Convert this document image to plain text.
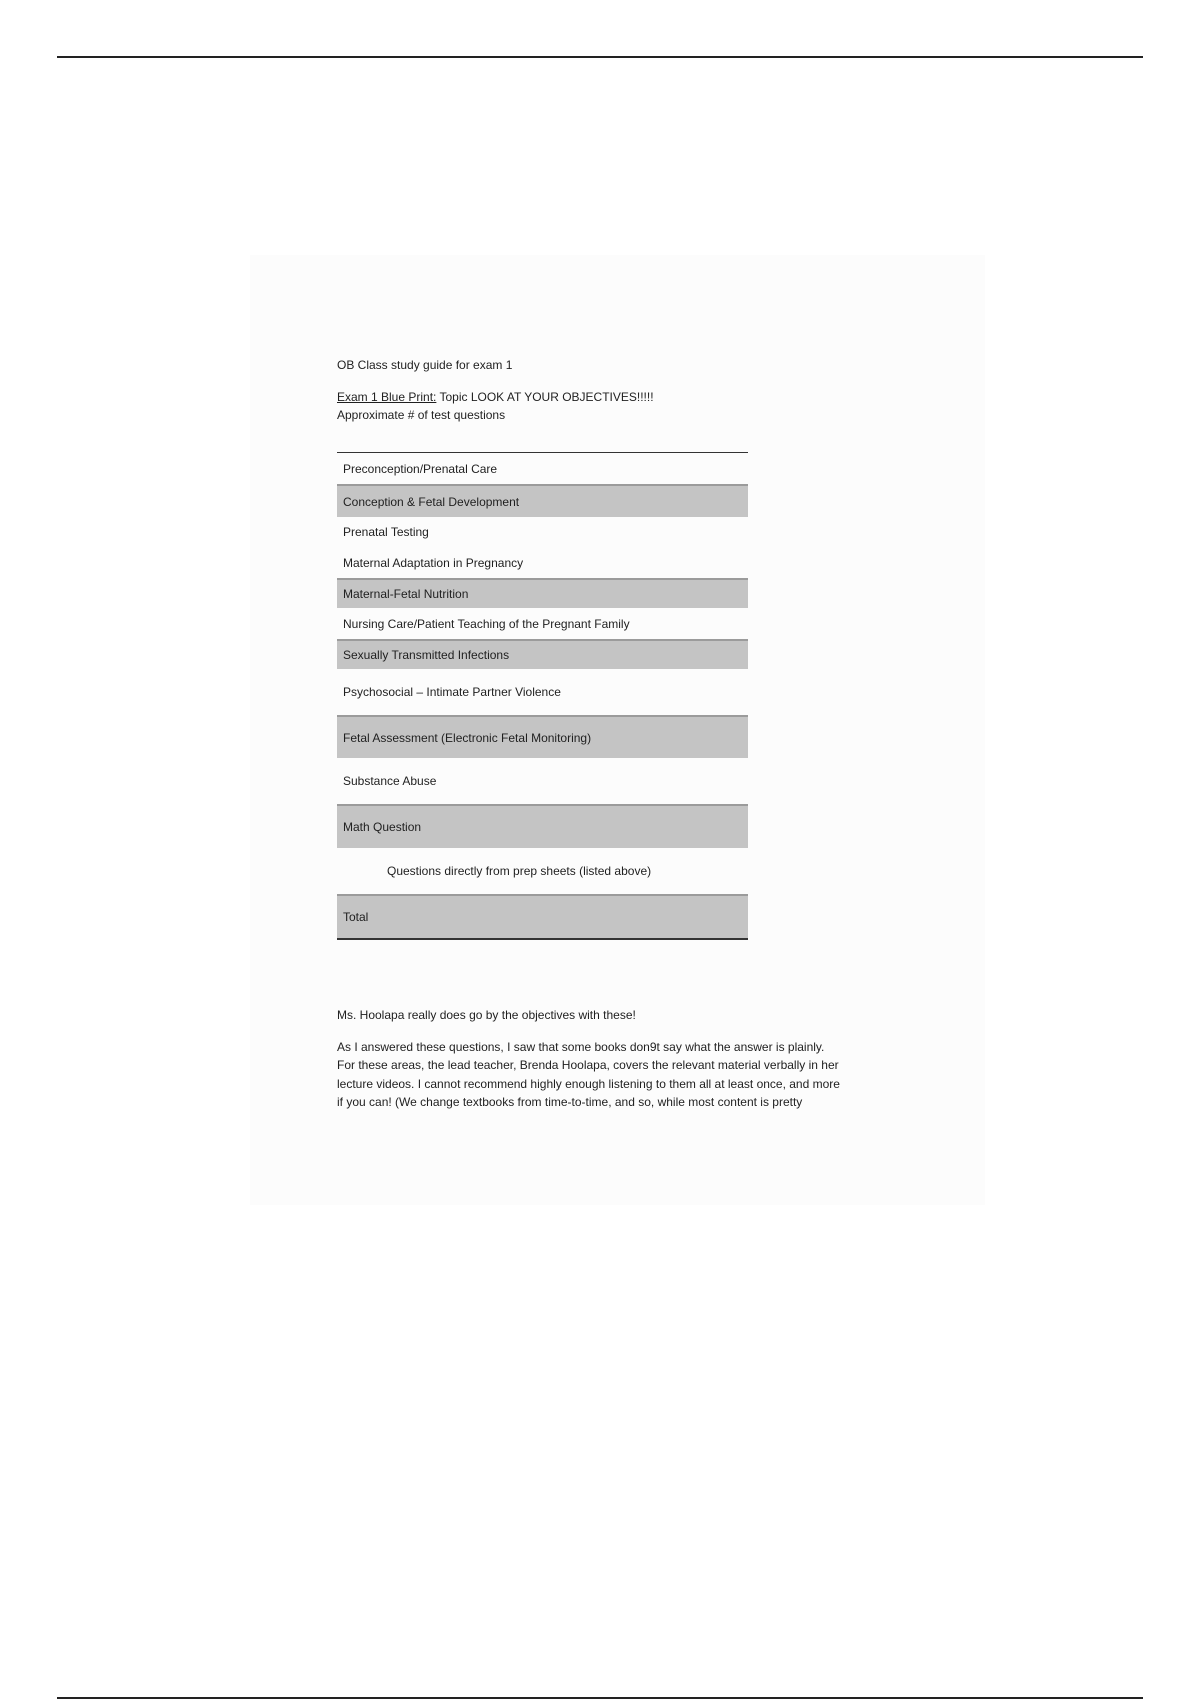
OB Class study guide for exam 1
Exam 1 Blue Print: Topic LOOK AT YOUR OBJECTIVES!!!!!
Approximate # of test questions
Preconception/Prenatal Care
Conception & Fetal Development
Prenatal Testing
Maternal Adaptation in Pregnancy
Maternal-Fetal Nutrition
Nursing Care/Patient Teaching of the Pregnant Family
Sexually Transmitted Infections
Psychosocial – Intimate Partner Violence
Fetal Assessment (Electronic Fetal Monitoring)
Substance Abuse
Math Question
Questions directly from prep sheets (listed above)
Total
Ms. Hoolapa really does go by the objectives with these!
As I answered these questions, I saw that some books don9t say what the answer is plainly.
For these areas, the lead teacher, Brenda Hoolapa, covers the relevant material verbally in her
lecture videos. I cannot recommend highly enough listening to them all at least once, and more
if you can! (We change textbooks from time-to-time, and so, while most content is pretty
